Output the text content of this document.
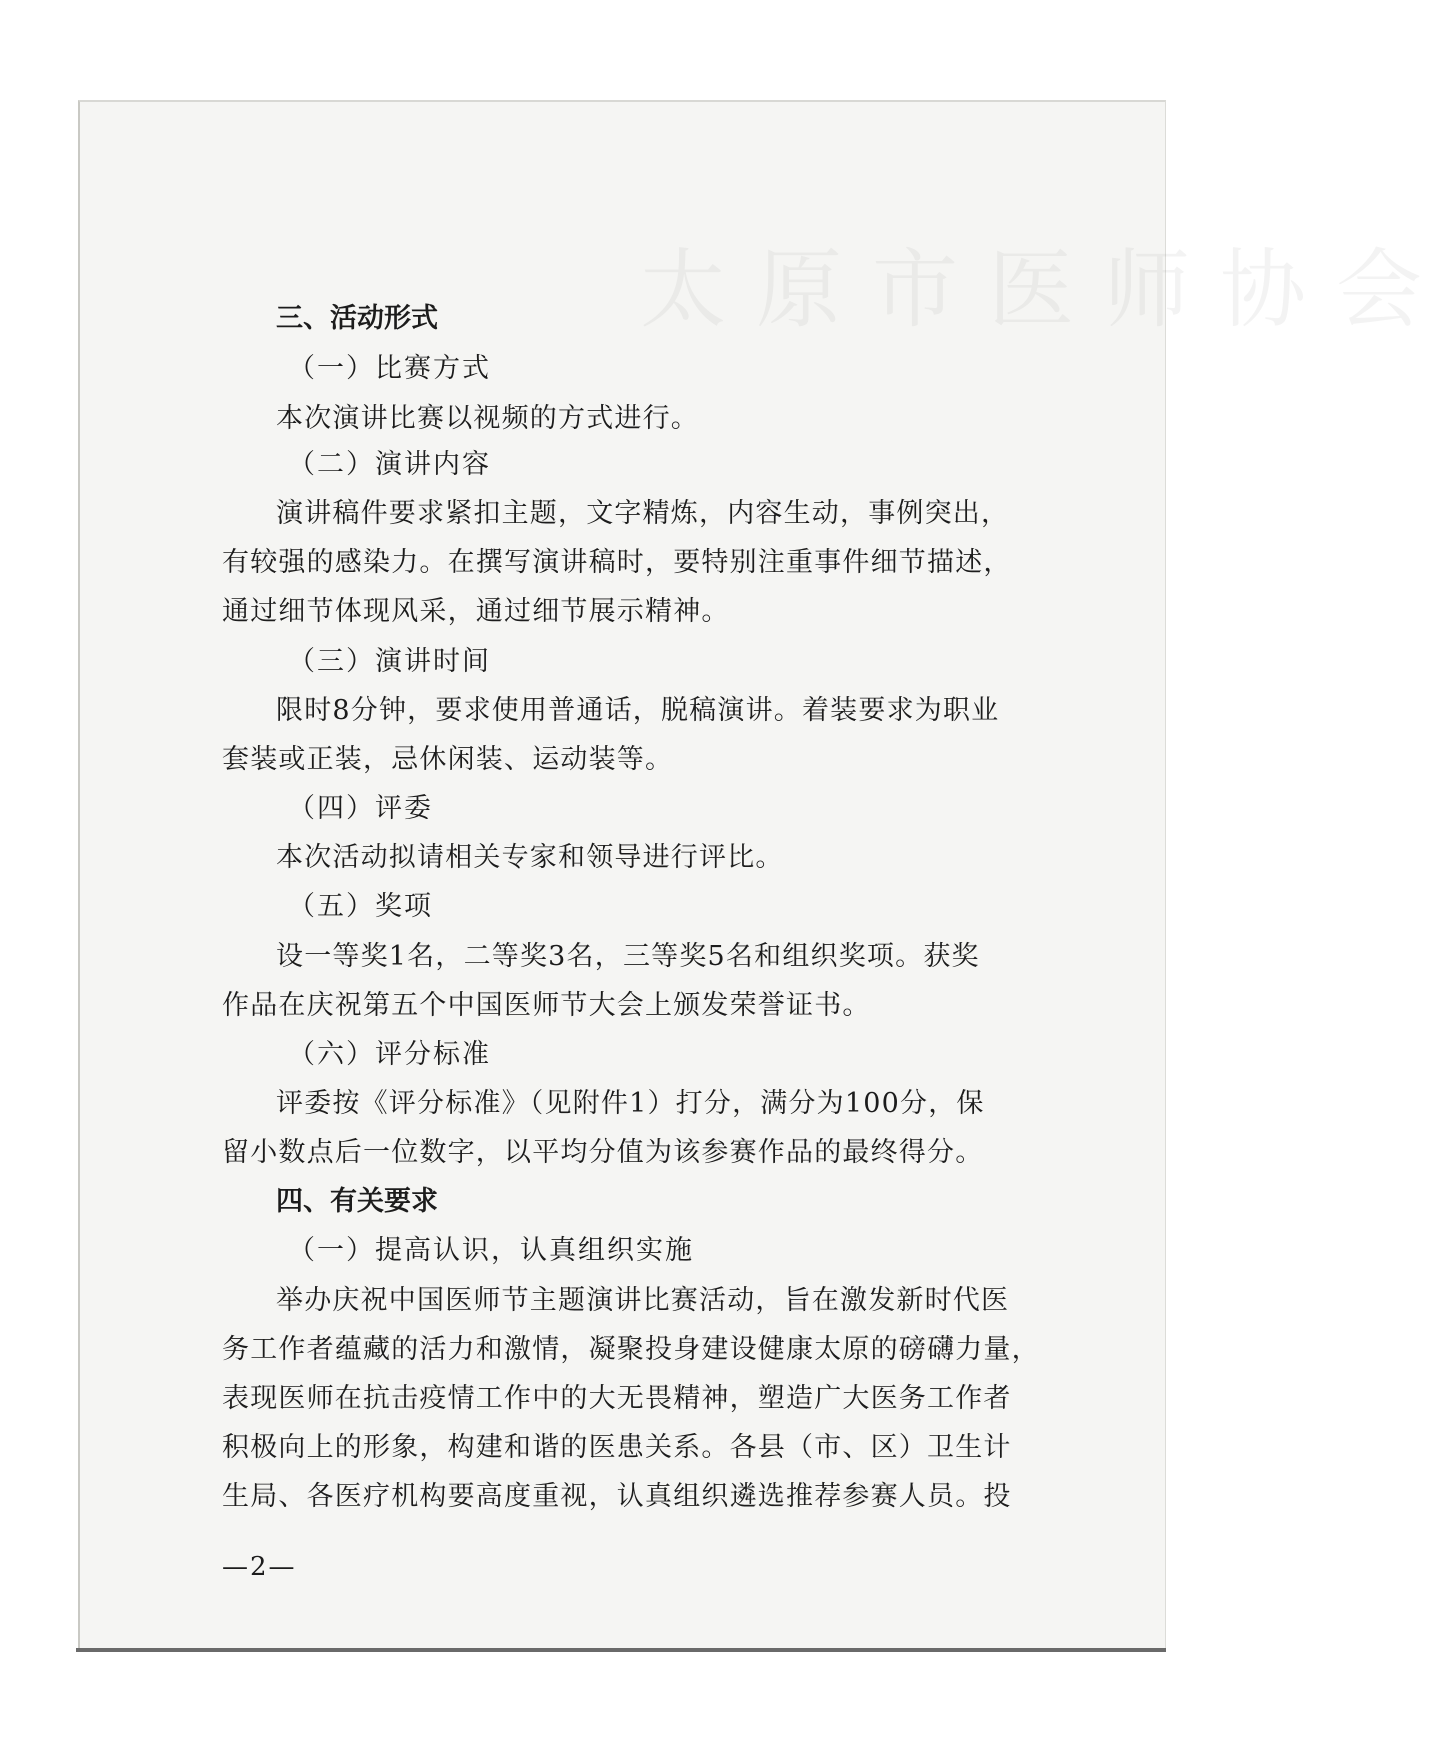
太原市医师协会
三、活动形式
（一）比赛方式
本次演讲比赛以视频的方式进行。
（二）演讲内容
演讲稿件要求紧扣主题，文字精炼，内容生动，事例突出，
有较强的感染力。在撰写演讲稿时，要特别注重事件细节描述，
通过细节体现风采，通过细节展示精神。
（三）演讲时间
限时8分钟，要求使用普通话，脱稿演讲。着装要求为职业
套装或正装，忌休闲装、运动装等。
（四）评委
本次活动拟请相关专家和领导进行评比。
（五）奖项
设一等奖1名，二等奖3名，三等奖5名和组织奖项。获奖
作品在庆祝第五个中国医师节大会上颁发荣誉证书。
（六）评分标准
评委按《评分标准》（见附件1）打分，满分为100分，保
留小数点后一位数字，以平均分值为该参赛作品的最终得分。
四、有关要求
（一）提高认识，认真组织实施
举办庆祝中国医师节主题演讲比赛活动，旨在激发新时代医
务工作者蕴藏的活力和激情，凝聚投身建设健康太原的磅礴力量，
表现医师在抗击疫情工作中的大无畏精神，塑造广大医务工作者
积极向上的形象，构建和谐的医患关系。各县（市、区）卫生计
生局、各医疗机构要高度重视，认真组织遴选推荐参赛人员。投
—2—
